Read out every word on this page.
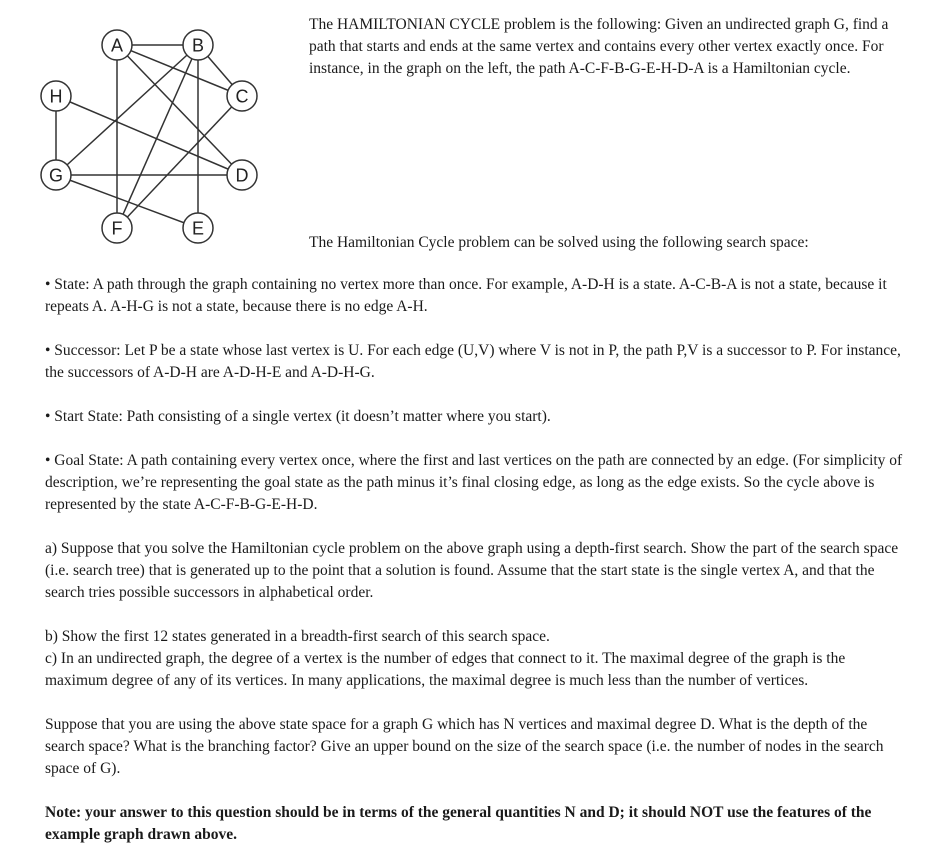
A	B
C
D
E
F
G
H

The HAMILTONIAN CYCLE problem is the following: Given an undirected graph G, find a path that starts and ends at the same vertex and contains every other vertex exactly once. For instance, in the graph on the left, the path A-C-F-B-G-E-H-D-A is a Hamiltonian cycle.

The Hamiltonian Cycle problem can be solved using the following search space:

• State: A path through the graph containing no vertex more than once. For example, A-D-H is a state. A-C-B-A is not a state, because it repeats A. A-H-G is not a state, because there is no edge A-H.

• Successor: Let P be a state whose last vertex is U. For each edge (U,V) where V is not in P, the path P,V is a successor to P. For instance, the successors of A-D-H are A-D-H-E and A-D-H-G.

• Start State: Path consisting of a single vertex (it doesn’t matter where you start).

• Goal State: A path containing every vertex once, where the first and last vertices on the path are connected by an edge. (For simplicity of description, we’re representing the goal state as the path minus it’s final closing edge, as long as the edge exists. So the cycle above is represented by the state A-C-F-B-G-E-H-D.

a) Suppose that you solve the Hamiltonian cycle problem on the above graph using a depth-first search. Show the part of the search space (i.e. search tree) that is generated up to the point that a solution is found. Assume that the start state is the single vertex A, and that the search tries possible successors in alphabetical order.

b) Show the first 12 states generated in a breadth-first search of this search space.

c) In an undirected graph, the degree of a vertex is the number of edges that connect to it. The maximal degree of the graph is the maximum degree of any of its vertices. In many applications, the maximal degree is much less than the number of vertices.

Suppose that you are using the above state space for a graph G which has N vertices and maximal degree D. What is the depth of the search space? What is the branching factor? Give an upper bound on the size of the search space (i.e. the number of nodes in the search space of G).

Note: your answer to this question should be in terms of the general quantities N and D; it should NOT use the features of the example graph drawn above.
